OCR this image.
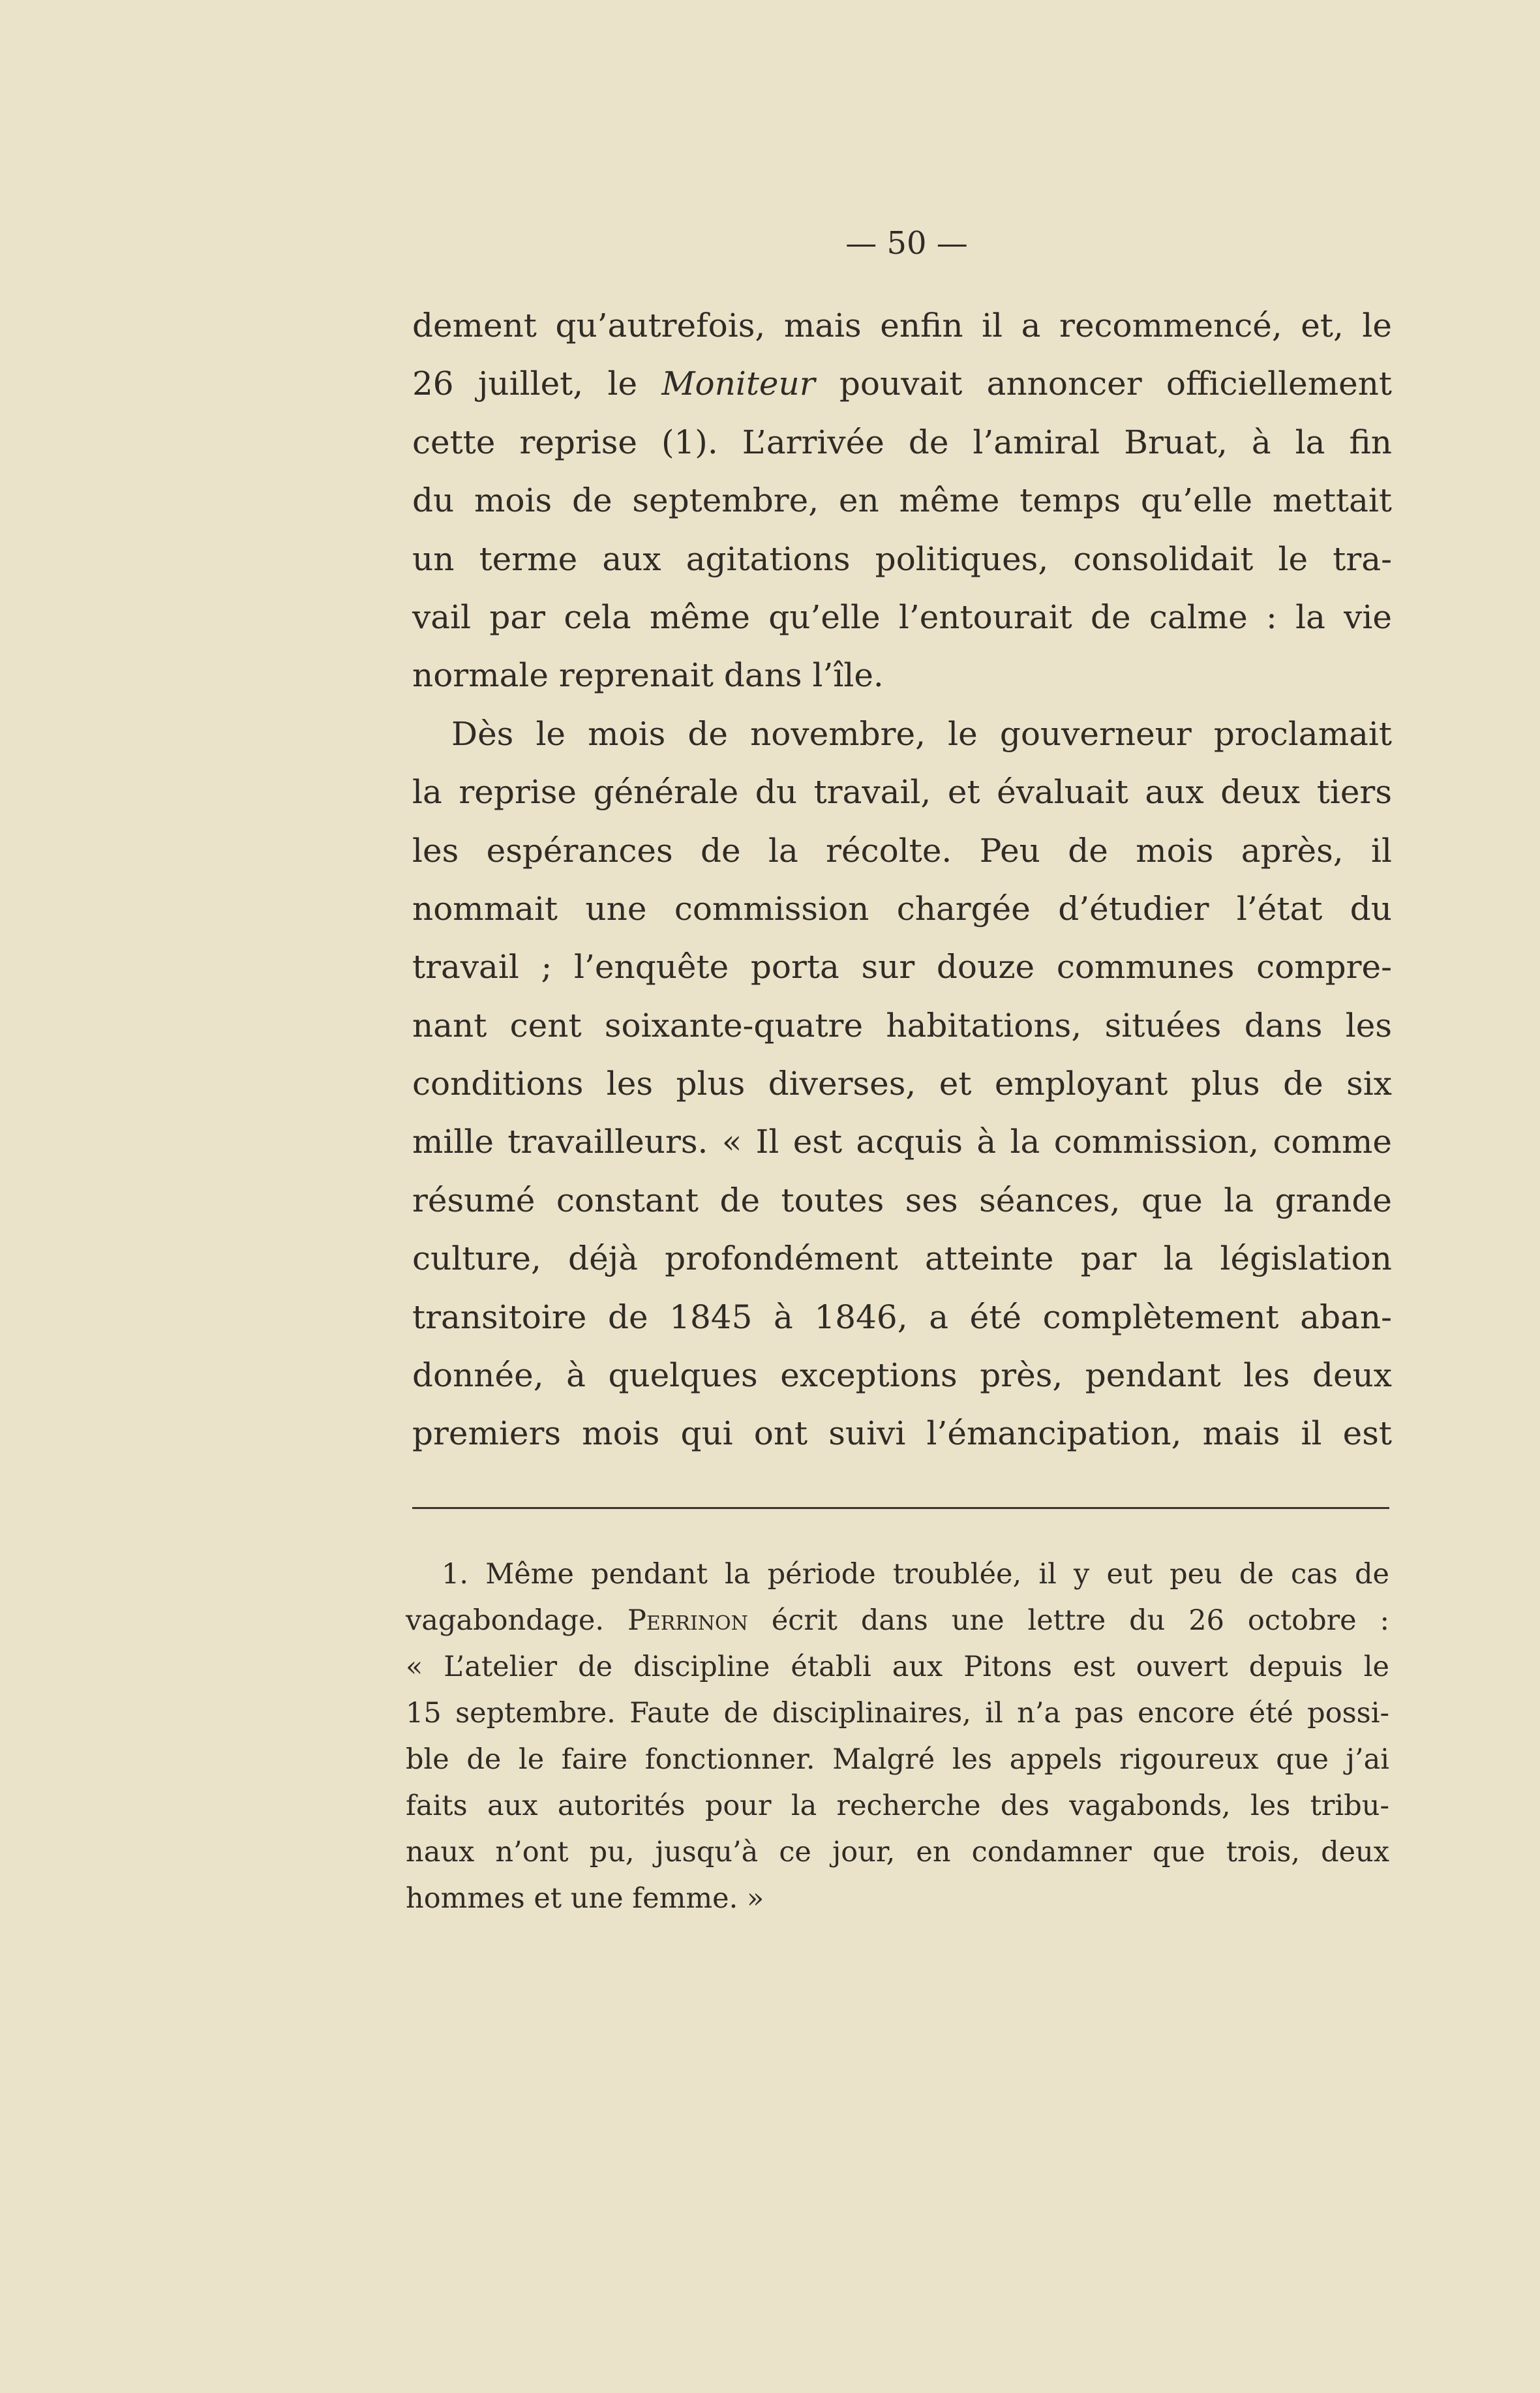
— 50 —
dement qu’autrefois, mais enfin il a recommencé, et, le
26 juillet, le Moniteur pouvait annoncer officiellement
cette reprise (1). L’arrivée de l’amiral Bruat, à la fin
du mois de septembre, en même temps qu’elle mettait
un terme aux agitations politiques, consolidait le tra-
vail par cela même qu’elle l’entourait de calme : la vie
normale reprenait dans l’île.
Dès le mois de novembre, le gouverneur proclamait
la reprise générale du travail, et évaluait aux deux tiers
les espérances de la récolte. Peu de mois après, il
nommait une commission chargée d’étudier l’état du
travail ; l’enquête porta sur douze communes compre-
nant cent soixante-quatre habitations, situées dans les
conditions les plus diverses, et employant plus de six
mille travailleurs. « Il est acquis à la commission, comme
résumé constant de toutes ses séances, que la grande
culture, déjà profondément atteinte par la législation
transitoire de 1845 à 1846, a été complètement aban-
donnée, à quelques exceptions près, pendant les deux
premiers mois qui ont suivi l’émancipation, mais il est
1. Même pendant la période troublée, il y eut peu de cas de
vagabondage. Perrinon écrit dans une lettre du 26 octobre :
« L’atelier de discipline établi aux Pitons est ouvert depuis le
15 septembre. Faute de disciplinaires, il n’a pas encore été possi-
ble de le faire fonctionner. Malgré les appels rigoureux que j’ai
faits aux autorités pour la recherche des vagabonds, les tribu-
naux n’ont pu, jusqu’à ce jour, en condamner que trois, deux
hommes et une femme. »
